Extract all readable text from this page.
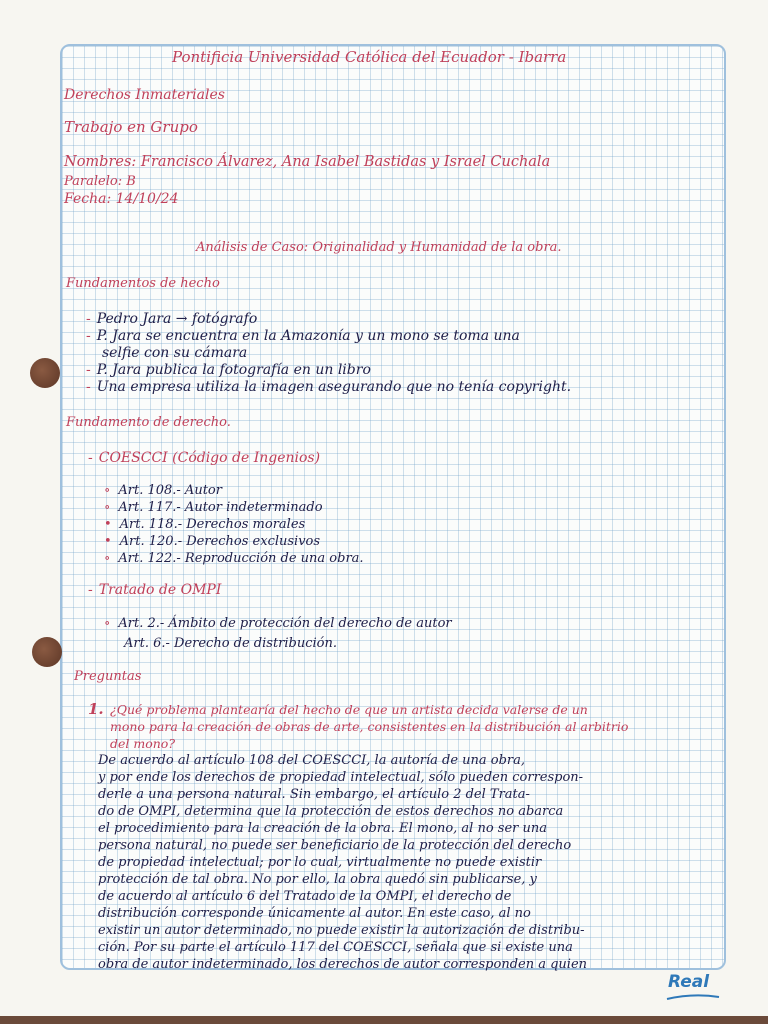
Pontificia Universidad Católica del Ecuador - Ibarra
Derechos Inmateriales
Trabajo en Grupo
Nombres: Francisco Álvarez, Ana Isabel Bastidas y Israel Cuchala
Paralelo: B
Fecha: 14/10/24
Análisis de Caso: Originalidad y Humanidad de la obra.
Fundamentos de hecho
- Pedro Jara → fotógrafo
- P. Jara se encuentra en la Amazonía y un mono se toma una
selfie con su cámara
- P. Jara publica la fotografía en un libro
- Una empresa utiliza la imagen asegurando que no tenía copyright.
Fundamento de derecho.
- COESCCI (Código de Ingenios)
∘ Art. 108.- Autor
∘ Art. 117.- Autor indeterminado
• Art. 118.- Derechos morales
• Art. 120.- Derechos exclusivos
∘ Art. 122.- Reproducción de una obra.
- Tratado de OMPI
∘ Art. 2.- Ámbito de protección del derecho de autor
Art. 6.- Derecho de distribución.
Preguntas
1. ¿Qué problema plantearía del hecho de que un artista decida valerse de un
mono para la creación de obras de arte, consistentes en la distribución al arbitrio
del mono?
De acuerdo al artículo 108 del COESCCI, la autoría de una obra,
y por ende los derechos de propiedad intelectual, sólo pueden correspon-
derle a una persona natural. Sin embargo, el artículo 2 del Trata-
do de OMPI, determina que la protección de estos derechos no abarca
el procedimiento para la creación de la obra. El mono, al no ser una
persona natural, no puede ser beneficiario de la protección del derecho
de propiedad intelectual; por lo cual, virtualmente no puede existir
protección de tal obra. No por ello, la obra quedó sin publicarse, y
de acuerdo al artículo 6 del Tratado de la OMPI, el derecho de
distribución corresponde únicamente al autor. En este caso, al no
existir un autor determinado, no puede existir la autorización de distribu-
ción. Por su parte el artículo 117 del COESCCI, señala que si existe una
obra de autor indeterminado, los derechos de autor corresponden a quien
Real
